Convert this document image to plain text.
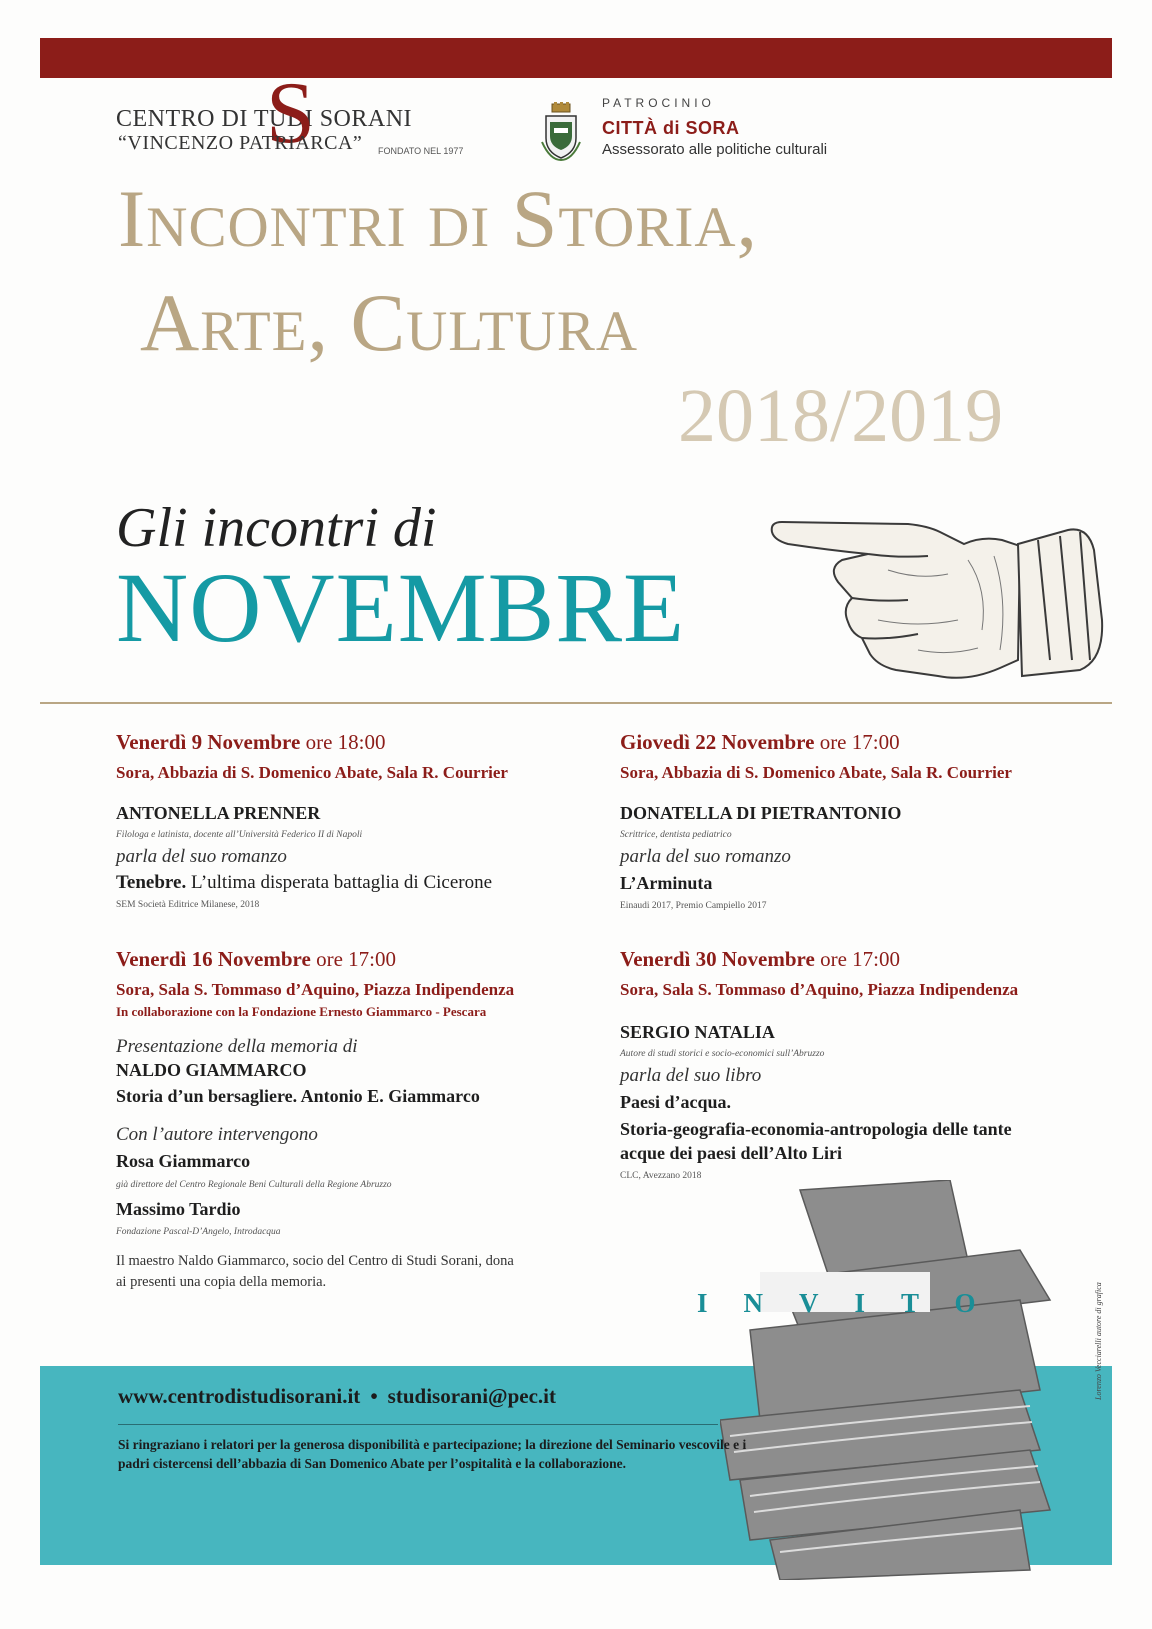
CENTRO DI TUDI SORANI
S
“VINCENZO PATRIARCA” FONDATO NEL 1977
PATROCINIO
CITTÀ di SORA
Assessorato alle politiche culturali
Incontri di Storia,
Arte, Cultura
2018/2019
Gli incontri di
NOVEMBRE
Venerdì 9 Novembre ore 18:00
Sora, Abbazia di S. Domenico Abate, Sala R. Courrier
ANTONELLA PRENNER
Filologa e latinista, docente all’Università Federico II di Napoli
parla del suo romanzo
Tenebre. L’ultima disperata battaglia di Cicerone
SEM Società Editrice Milanese, 2018
Giovedì 22 Novembre ore 17:00
Sora, Abbazia di S. Domenico Abate, Sala R. Courrier
DONATELLA DI PIETRANTONIO
Scrittrice, dentista pediatrico
parla del suo romanzo
L’Arminuta
Einaudi 2017, Premio Campiello 2017
Venerdì 16 Novembre ore 17:00
Sora, Sala S. Tommaso d’Aquino, Piazza Indipendenza
In collaborazione con la Fondazione Ernesto Giammarco - Pescara
Presentazione della memoria di
NALDO GIAMMARCO
Storia d’un bersagliere. Antonio E. Giammarco
Con l’autore intervengono
Rosa Giammarco
già direttore del Centro Regionale Beni Culturali della Regione Abruzzo
Massimo Tardio
Fondazione Pascal-D’Angelo, Introdacqua
Il maestro Naldo Giammarco, socio del Centro di Studi Sorani, dona ai presenti una copia della memoria.
Venerdì 30 Novembre ore 17:00
Sora, Sala S. Tommaso d’Aquino, Piazza Indipendenza
SERGIO NATALIA
Autore di studi storici e socio-economici sull’Abruzzo
parla del suo libro
Paesi d’acqua.
Storia-geografia-economia-antropologia delle tante acque dei paesi dell’Alto Liri
CLC, Avezzano 2018
INVITO
www.centrodistudisorani.it • studisorani@pec.it
Si ringraziano i relatori per la generosa disponibilità e partecipazione; la direzione del Seminario vescovile e i padri cistercensi dell’abbazia di San Domenico Abate per l’ospitalità e la collaborazione.
Lorenzo Vecciarelli autore di grafica
